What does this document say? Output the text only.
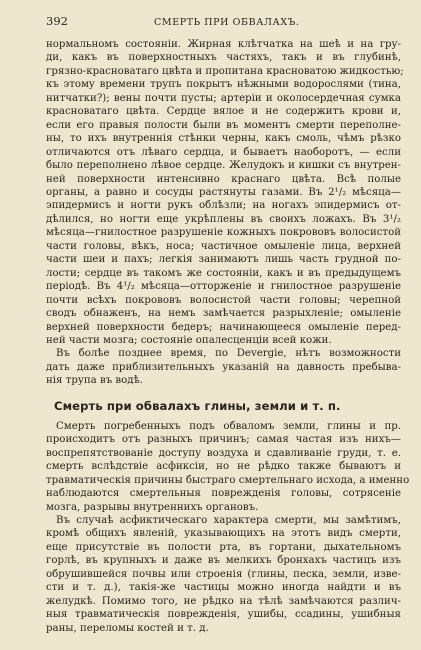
392	СМЕРТЬ ПРИ ОБВАЛАХЪ.
нормальномъ состоянiи. Жирная клѣтчатка на шеѣ и на гру-
ди, какъ въ поверхностныхъ частяхъ, такъ и въ глубинѣ,
грязно-красноватаго цвѣта и пропитана красноватою жидкостью;
къ этому времени трупъ покрытъ нѣжными водорослями (тина,
нитчатки?); вены почти пусты; артерiи и околосердечная сумка
красноватаго цвѣта. Сердце вялое и не содержитъ крови и,
если его правыя полости были въ моментъ смерти переполне-
ны, то ихъ внутреннiя стѣнки черны, какъ смоль, чѣмъ рѣзко
отличаются отъ лѣваго сердца, и бываетъ наоборотъ, — если
было переполнено лѣвое сердце. Желудокъ и кишки съ внутрен-
ней поверхности интенсивно краснаго цвѣта. Всѣ полые
органы, а равно и сосуды растянуты газами. Въ 2¹/₂ мѣсяца—
эпидермисъ и ногти рукъ облѣзли; на ногахъ эпидермисъ от-
дѣлился, но ногти еще укрѣплены въ своихъ ложахъ. Въ 3¹/₂
мѣсяца—гнилостное разрушенiе кожныхъ покрововъ волосистой
части головы, вѣкъ, носа; частичное омыленiе лица, верхней
части шеи и пахъ; легкiя занимаютъ лишь часть грудной по-
лости; сердце въ такомъ же состоянiи, какъ и въ предыдущемъ
перiодѣ. Въ 4¹/₂ мѣсяца—отторженiе и гнилостное разрушенiе
почти всѣхъ покрововъ волосистой части головы; черепной
сводъ обнаженъ, на немъ замѣчается разрыхленiе; омыленiе
верхней поверхности бедеръ; начинающееся омыленiе перед-
ней части мозга; состоянiе опалесценцiи всей кожи.
Въ болѣе позднее время, по Devergie, нѣтъ возможности
дать даже приблизительныхъ указанiй на давность пребыва-
нiя трупа въ водѣ.
Смерть при обвалахъ глины, земли и т. п.
Смерть погребенныхъ подъ обваломъ земли, глины и пр.
происходитъ отъ разныхъ причинъ; самая частая изъ нихъ—
воспрепятствованiе доступу воздуха и сдавливанiе груди, т. е.
смерть вслѣдствiе асфиксiи, но не рѣдко также бываютъ и
травматическiя причины быстраго смертельнаго исхода, а именно
наблюдаются смертельныя поврежденiя головы, сотрясенiе
мозга, разрывы внутреннихъ органовъ.
Въ случаѣ асфиктическаго характера смерти, мы замѣтимъ,
кромѣ общихъ явленiй, указывающихъ на этотъ видъ смерти,
еще присутствiе въ полости рта, въ гортани, дыхательномъ
горлѣ, въ крупныхъ и даже въ мелкихъ бронхахъ частицъ изъ
обрушившейся почвы или строенiя (глины, песка, земли, изве-
сти и т. д.), такiя-же частицы можно иногда найдти и въ
желудкѣ. Помимо того, не рѣдко на тѣлѣ замѣчаются различ-
ныя травматическiя поврежденiя, ушибы, ссадины, ушибныя
раны, переломы костей и т. д.
